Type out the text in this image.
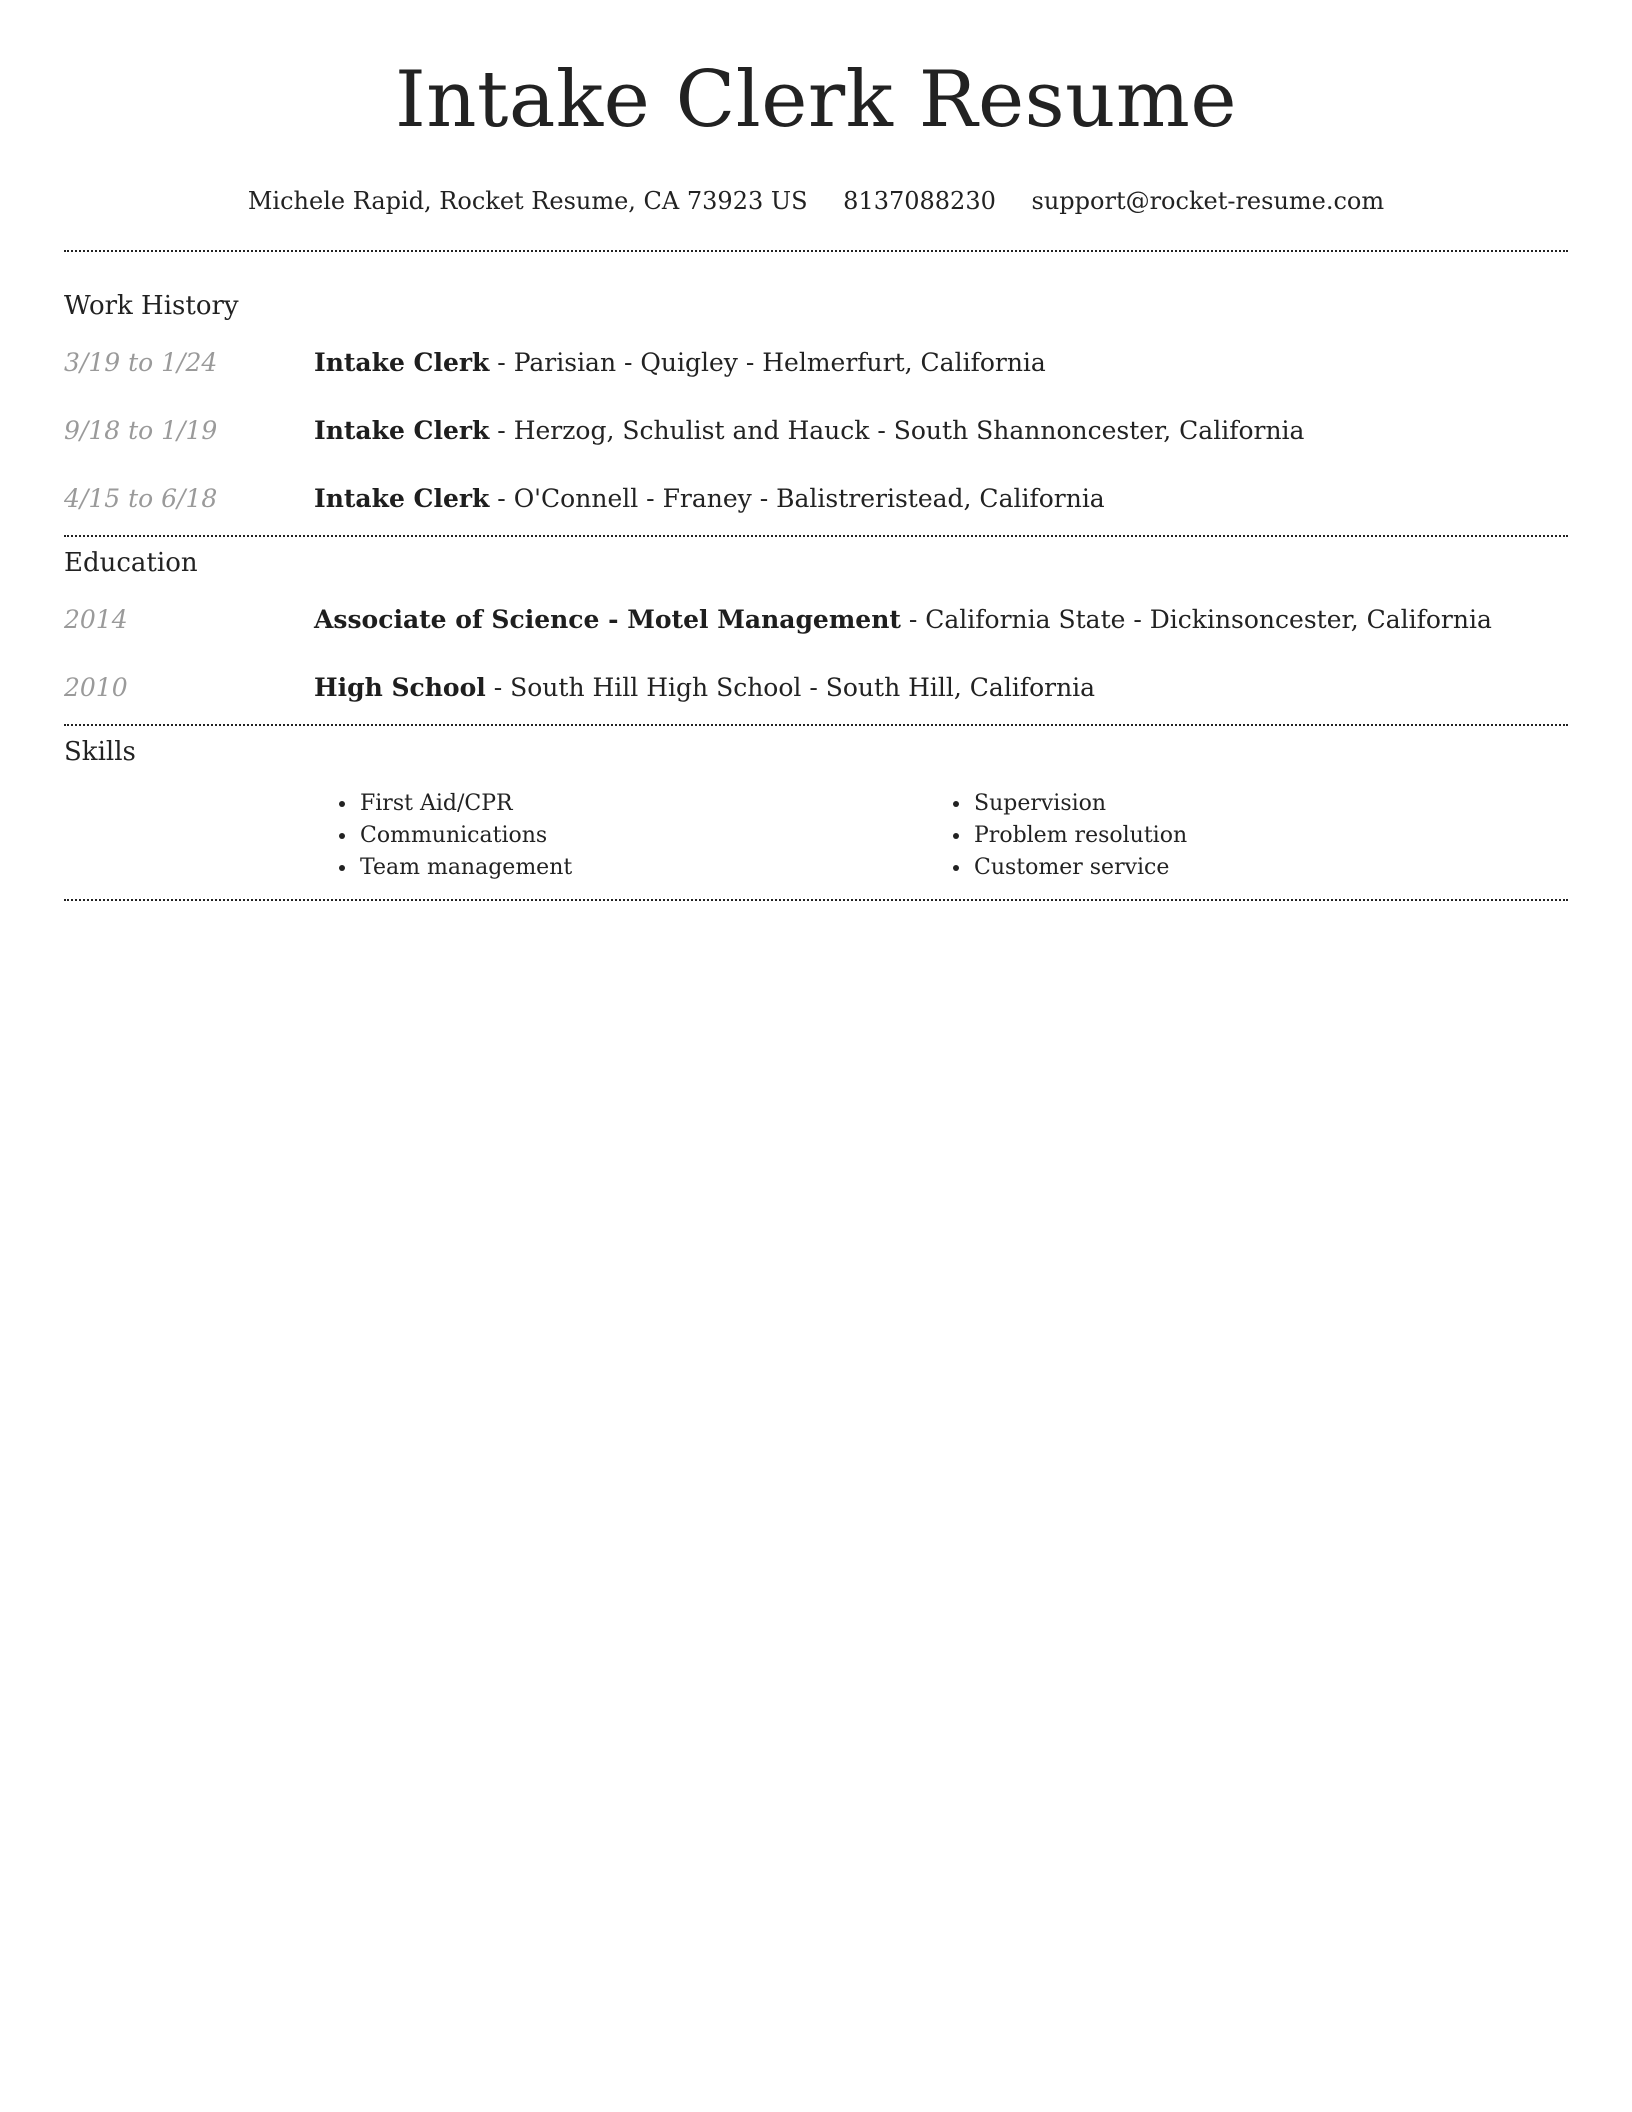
Intake Clerk Resume
Michele Rapid, Rocket Resume, CA 73923 US 8137088230 support@rocket-resume.com
Work History
3/19 to 1/24	Intake Clerk - Parisian - Quigley - Helmerfurt, California
9/18 to 1/19	Intake Clerk - Herzog, Schulist and Hauck - South Shannoncester, California
4/15 to 6/18	Intake Clerk - O'Connell - Franey - Balistreristead, California
Education
2014	Associate of Science - Motel Management - California State - Dickinsoncester, California
2010	High School - South Hill High School - South Hill, California
Skills
• First Aid/CPR
• Communications
• Team management
• Supervision
• Problem resolution
• Customer service
